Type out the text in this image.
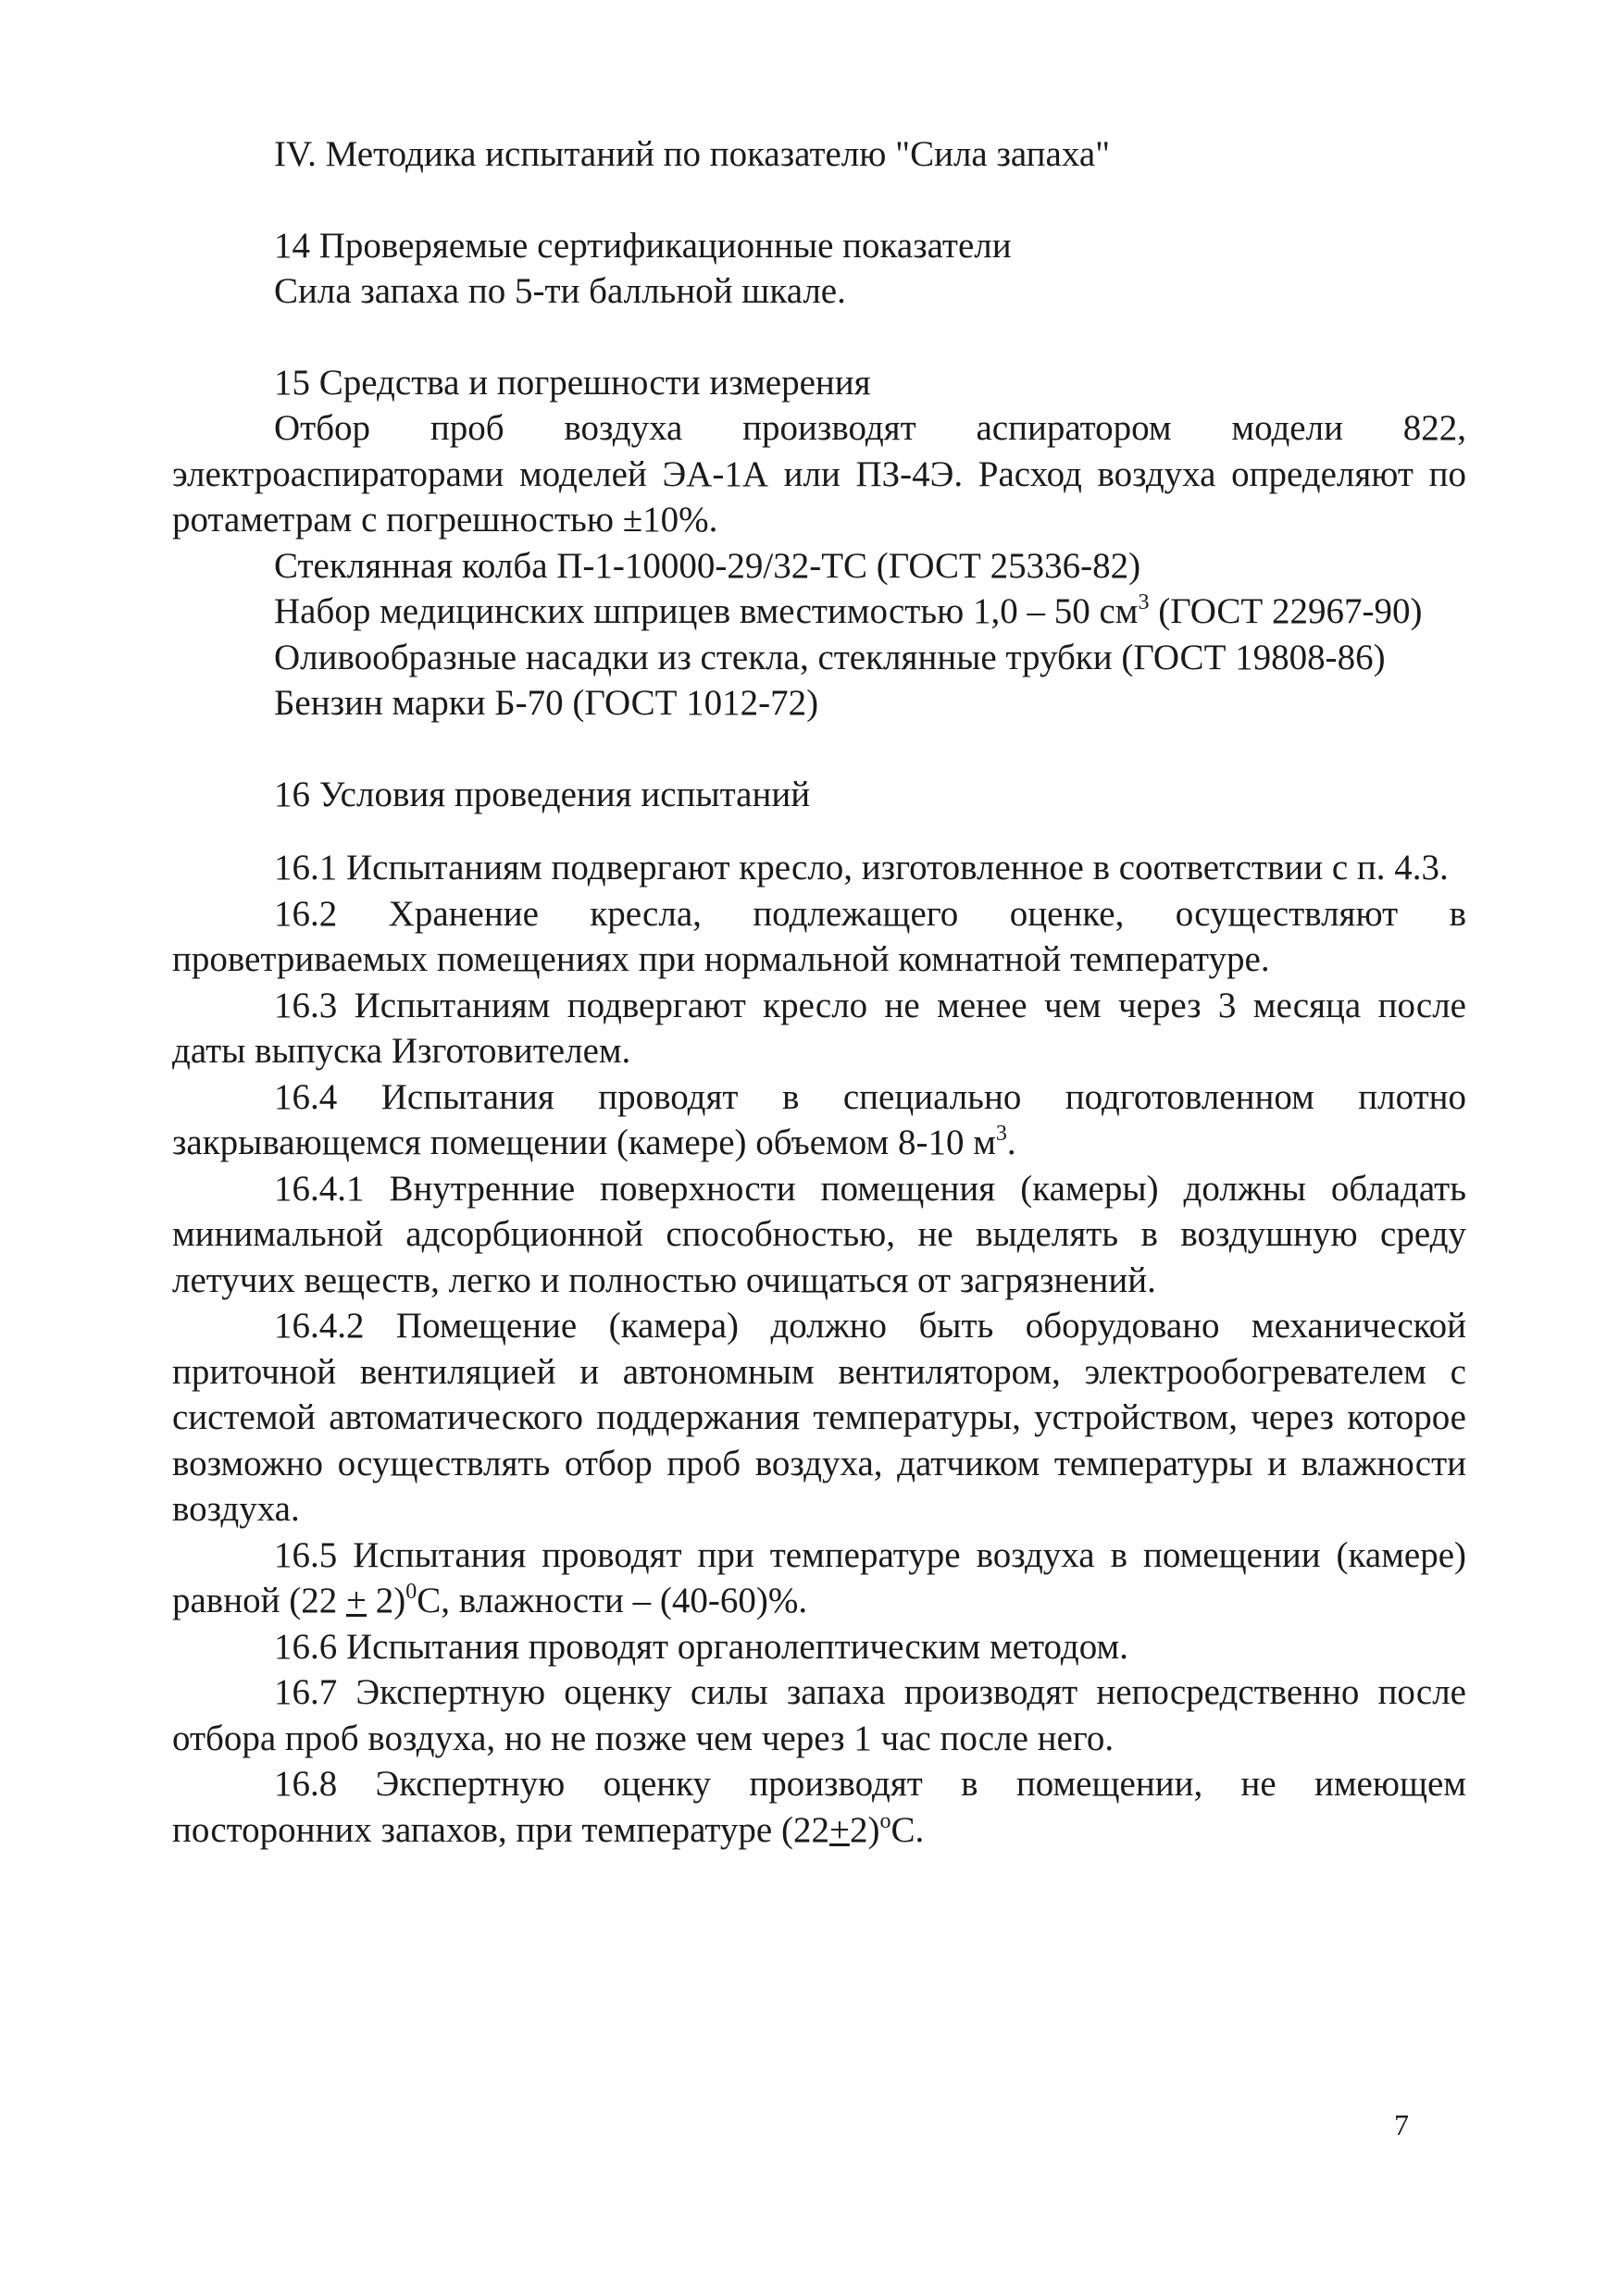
IV. Методика испытаний по показателю "Сила запаха"

14 Проверяемые сертификационные показатели

Сила запаха по 5-ти балльной шкале.

15 Средства и погрешности измерения

Отбор проб воздуха производят аспиратором модели 822, электроаспираторами моделей ЭА-1А или ПЗ-4Э. Расход воздуха определяют по ротаметрам с погрешностью ±10%.

Стеклянная колба П-1-10000-29/32-ТС (ГОСТ 25336-82)

Набор медицинских шприцев вместимостью 1,0 – 50 $см^3$ (ГОСТ 22967-90)

Оливообразные насадки из стекла, стеклянные трубки (ГОСТ 19808-86)

Бензин марки Б-70 (ГОСТ 1012-72)

16 Условия проведения испытаний

16.1 Испытаниям подвергают кресло, изготовленное в соответствии с п. 4.3.

16.2 Хранение кресла, подлежащего оценке, осуществляют в проветриваемых помещениях при нормальной комнатной температуре.

16.3 Испытаниям подвергают кресло не менее чем через 3 месяца после даты выпуска Изготовителем.

16.4 Испытания проводят в специально подготовленном плотно закрывающемся помещении (камере) объемом 8-10 $м^3$.

16.4.1 Внутренние поверхности помещения (камеры) должны обладать минимальной адсорбционной способностью, не выделять в воздушную среду летучих веществ, легко и полностью очищаться от загрязнений.

16.4.2 Помещение (камера) должно быть оборудовано механической приточной вентиляцией и автономным вентилятором, электрообогревателем с системой автоматического поддержания температуры, устройством, через которое возможно осуществлять отбор проб воздуха, датчиком температуры и влажности воздуха.

16.5 Испытания проводят при температуре воздуха в помещении (камере) равной $(22 + 2)^0С$, влажности – (40-60)%.

16.6 Испытания проводят органолептическим методом.

16.7 Экспертную оценку силы запаха производят непосредственно после отбора проб воздуха, но не позже чем через 1 час после него.

16.8 Экспертную оценку производят в помещении, не имеющем посторонних запахов, при температуре $(22+2)^оС$.

7
